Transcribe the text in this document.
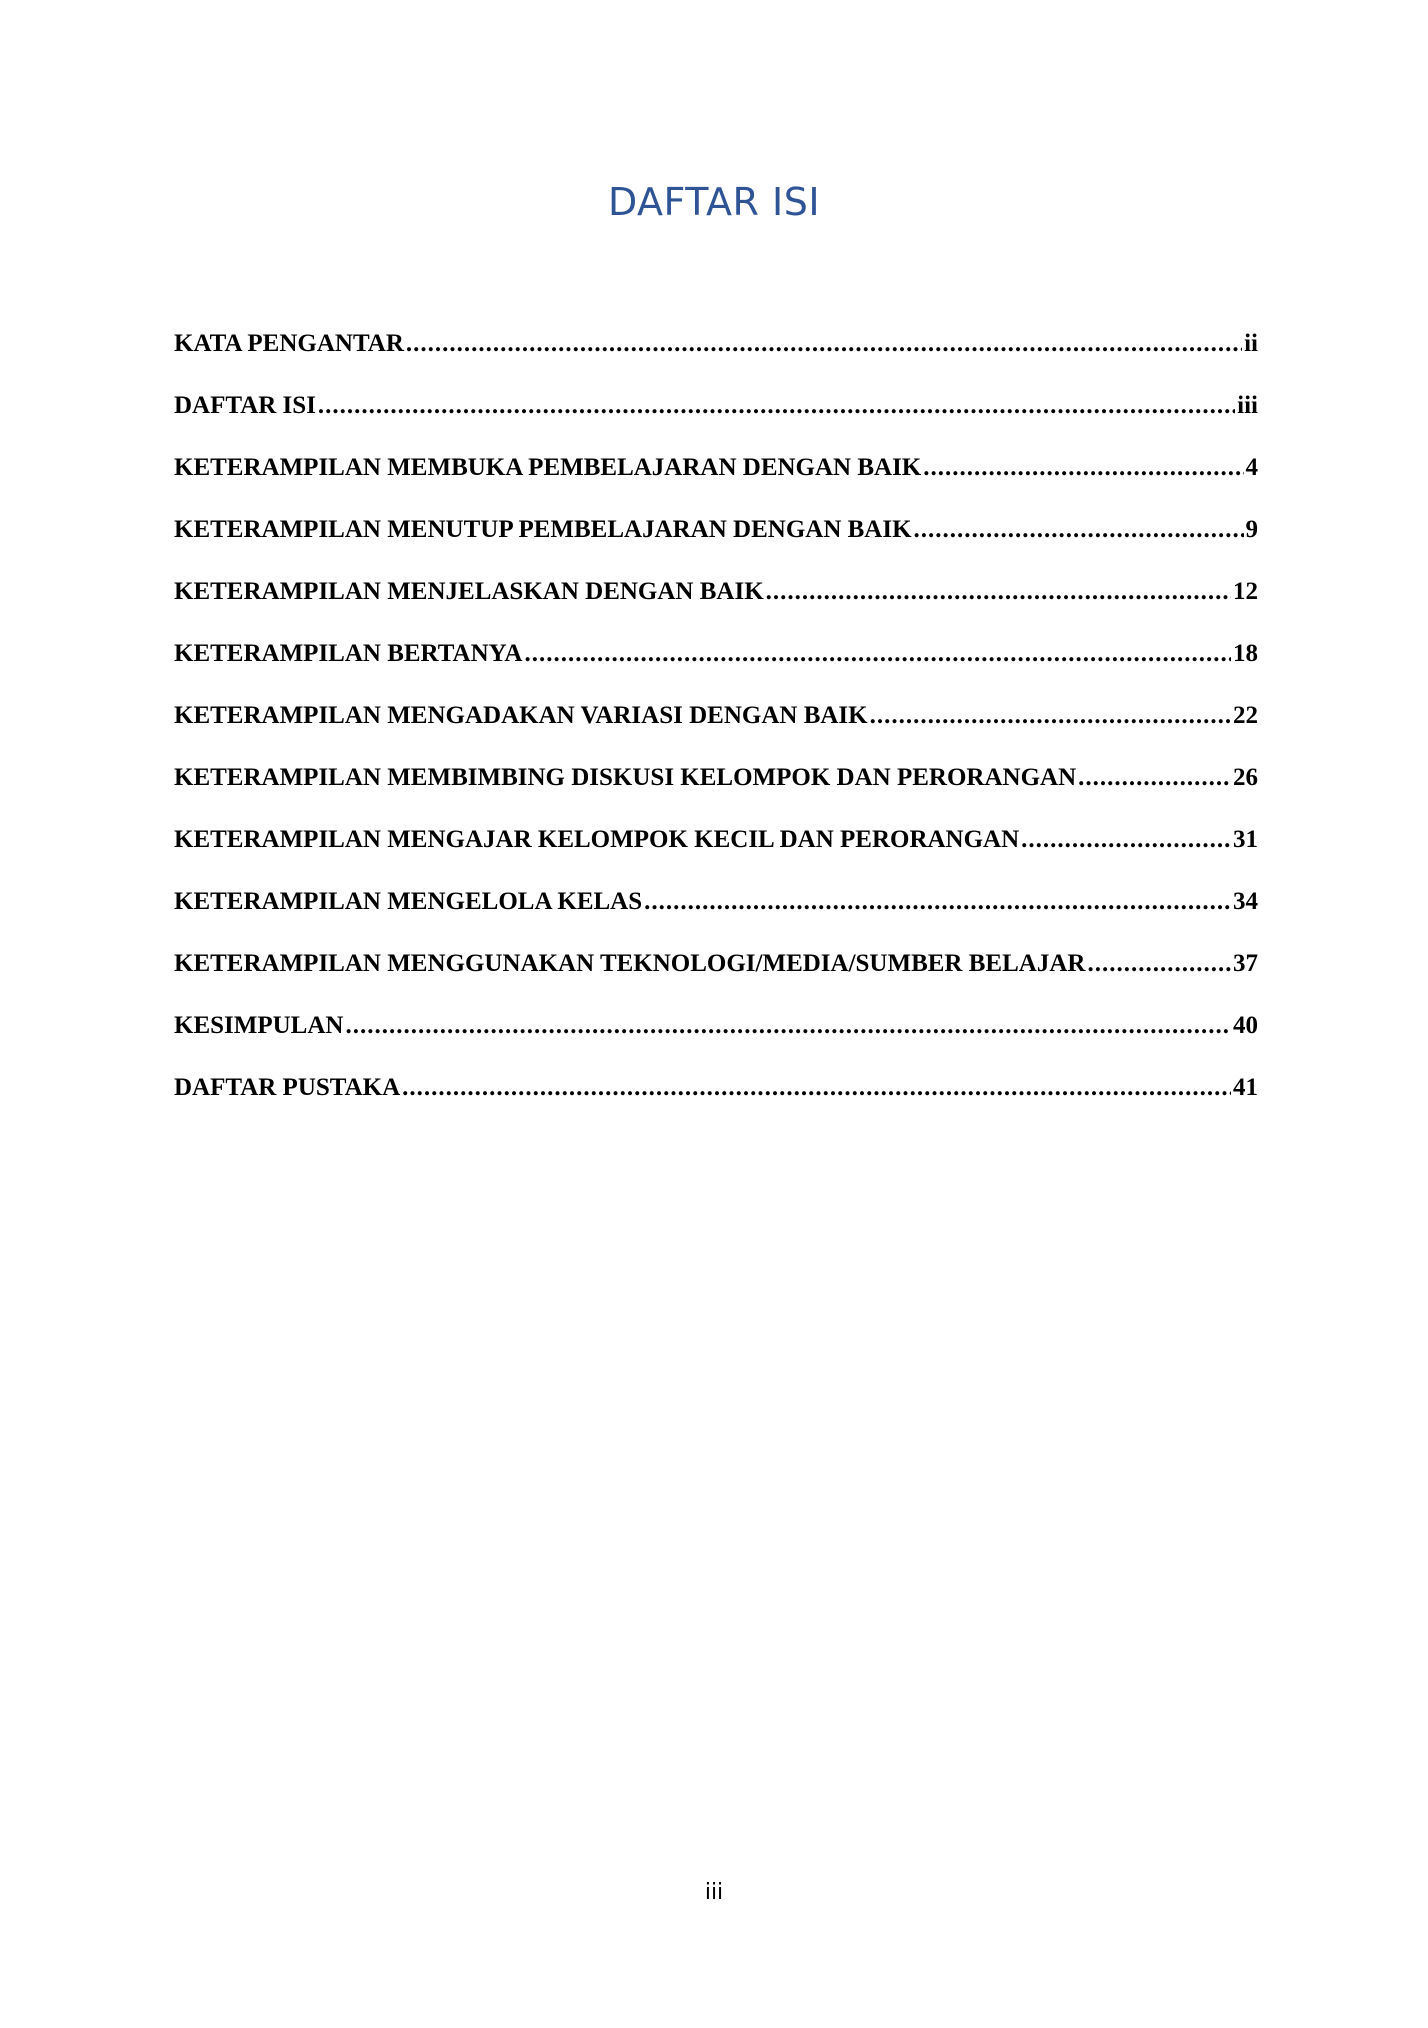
DAFTAR ISI
KATA PENGANTAR .....	ii
DAFTAR ISI .....	iii
KETERAMPILAN MEMBUKA PEMBELAJARAN DENGAN BAIK .....	4
KETERAMPILAN MENUTUP PEMBELAJARAN DENGAN BAIK .....	9
KETERAMPILAN MENJELASKAN DENGAN BAIK .....	12
KETERAMPILAN BERTANYA .....	18
KETERAMPILAN MENGADAKAN VARIASI DENGAN BAIK .....	22
KETERAMPILAN MEMBIMBING DISKUSI KELOMPOK DAN PERORANGAN .....	26
KETERAMPILAN MENGAJAR KELOMPOK KECIL DAN PERORANGAN .....	31
KETERAMPILAN MENGELOLA KELAS .....	34
KETERAMPILAN MENGGUNAKAN TEKNOLOGI/MEDIA/SUMBER BELAJAR .....	37
KESIMPULAN .....	40
DAFTAR PUSTAKA .....	41
iii
